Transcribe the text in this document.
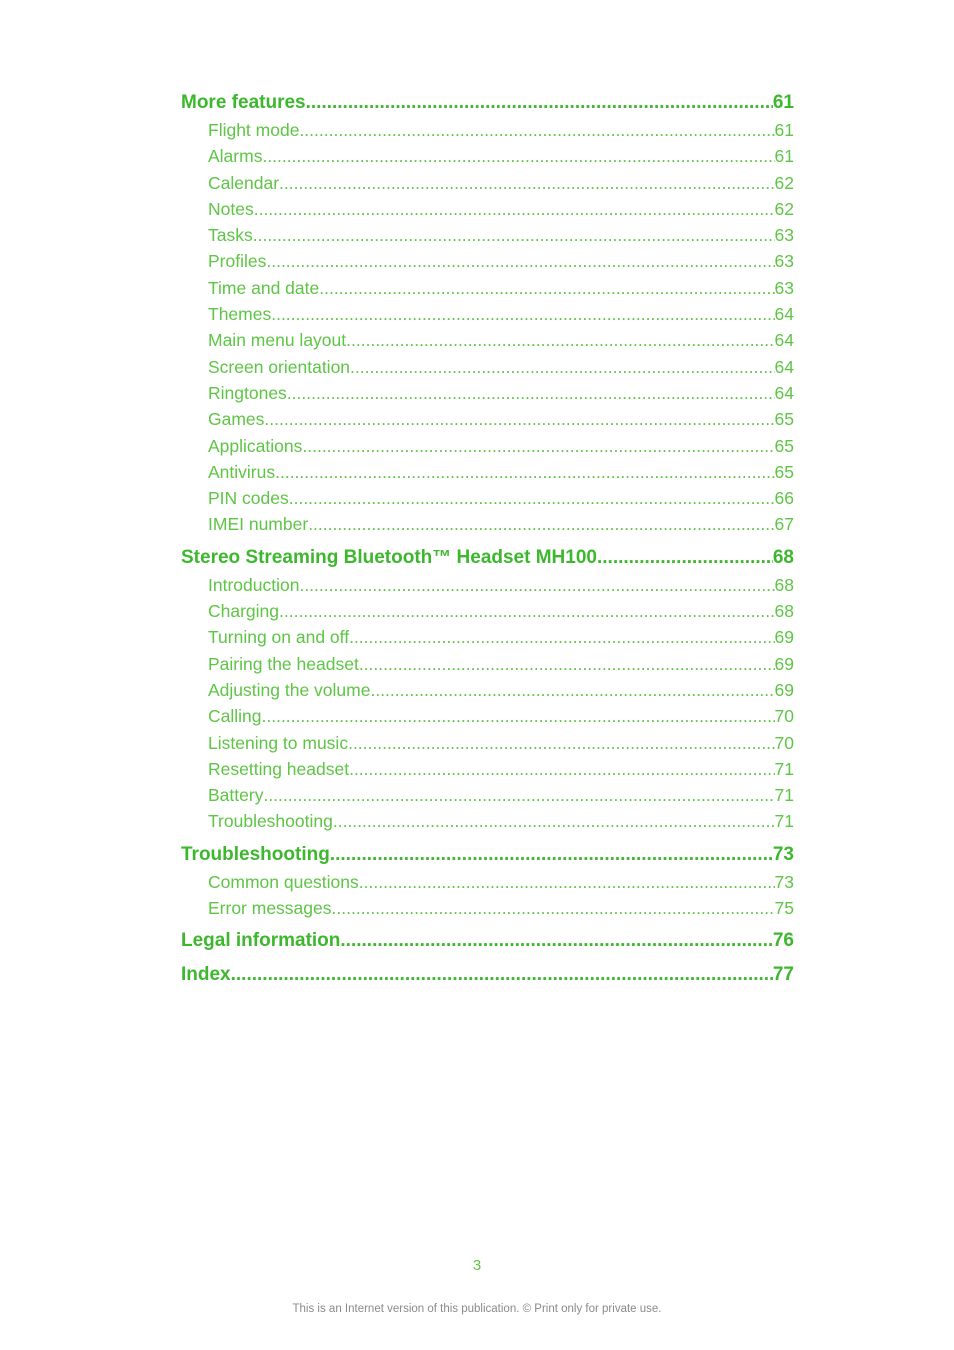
More features .....	61
Flight mode .....	61
Alarms .....	61
Calendar .....	62
Notes .....	62
Tasks .....	63
Profiles .....	63
Time and date .....	63
Themes .....	64
Main menu layout .....	64
Screen orientation .....	64
Ringtones .....	64
Games .....	65
Applications .....	65
Antivirus .....	65
PIN codes .....	66
IMEI number .....	67
Stereo Streaming Bluetooth™ Headset MH100 .....	68
Introduction .....	68
Charging .....	68
Turning on and off .....	69
Pairing the headset .....	69
Adjusting the volume .....	69
Calling .....	70
Listening to music .....	70
Resetting headset .....	71
Battery .....	71
Troubleshooting .....	71
Troubleshooting .....	73
Common questions .....	73
Error messages .....	75
Legal information .....	76
Index .....	77
3
This is an Internet version of this publication. © Print only for private use.
